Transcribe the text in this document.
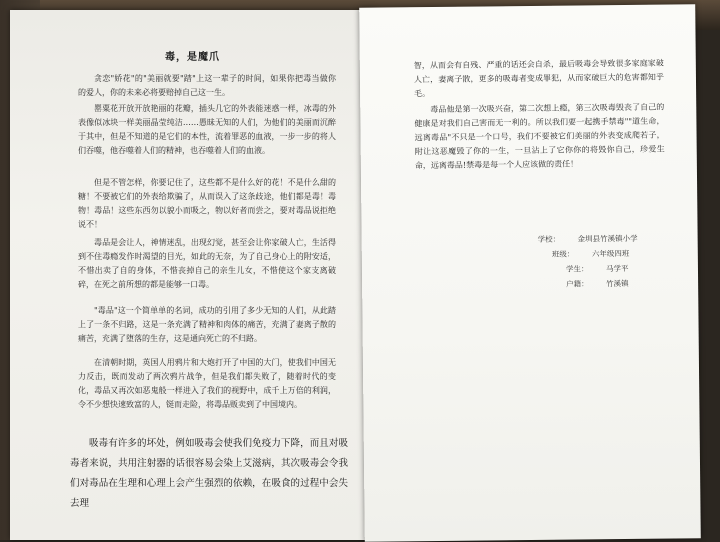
毒，是魔爪
贪恋"娇花"的"美丽就要"踏"上这一辈子的时间，如果你把毒当做你的爱人，你的未来必将要赔掉自己这一生。
罂粟花开放开放艳丽的花瓣，插头几它的外表能迷惑一样，冰毒的外表像似冰块一样美丽晶莹纯洁……愚昧无知的人们，为他们的美丽而沉醉于其中，但是不知道的是它们的本性，流着罪恶的血液，一步一步的将人们吞噬，他吞噬着人们的精神，也吞噬着人们的血液。
但是不管怎样，你要记住了，这些都不是什么好的花！不是什么甜的糖！不要被它们的外表给欺骗了，从而误入了这条歧途，他们都是毒！毒物！毒品！这些东西勿以貌小而吸之，物以好者而尝之，要对毒品说拒绝说不！
毒品是会让人，神情迷乱，出现幻觉，甚至会让你家破人亡，生活得到不住毒瘾发作时渴望的目光，如此的无奈，为了自己身心上的附安适，不惜出卖了自的身体，不惜丧掉自己的亲生儿女，不惜使这个家支离破碎，在死之前所想的都是能够一口毒。
"毒品"这一个简单单的名词，成功的引用了多少无知的人们，从此踏上了一条不归路，这是一条充满了精神和肉体的痛苦，充满了妻离子散的痛苦，充满了堕落的生存，这是通向死亡的不归路。
在清朝时期，英国人用鸦片和大炮打开了中国的大门，使我们中国无力反击，既而发动了两次鸦片战争，但是我们都失败了，随着时代的变化，毒品又再次如恶鬼般一样进入了我们的视野中，成千上万倍的利润，令不少想快速致富的人，铤而走险，将毒品贩卖到了中国境内。
吸毒有许多的坏处，例如吸毒会使我们免疫力下降，而且对吸毒者来说，共用注射器的话很容易会染上艾滋病，其次吸毒会令我们对毒品在生理和心理上会产生强烈的依赖，在吸食的过程中会失去理
智，从而会有自残、严重的话还会自杀，最后吸毒会导致很多家庭家破人亡，妻离子散，更多的吸毒者变成罪犯，从而家破巨大的危害都知乎毛。
毒品他是第一次吸兴奋，第二次想上瘾，第三次吸毒毁丧了自己的健康是对我们自己害而无一利的。所以我们要一起携手禁毒""道生命，远离毒品"不只是一个口号，我们不要被它们美丽的外表变成爬若子，附让这恶魔毁了你的一生，一旦沾上了它你你的将毁你自己，珍爱生命，远离毒品!禁毒是每一个人应该做的责任！
学校： 金圳县竹溪镇小学
班级： 六年级四班
学生： 马学平
户籍： 竹溪镇
